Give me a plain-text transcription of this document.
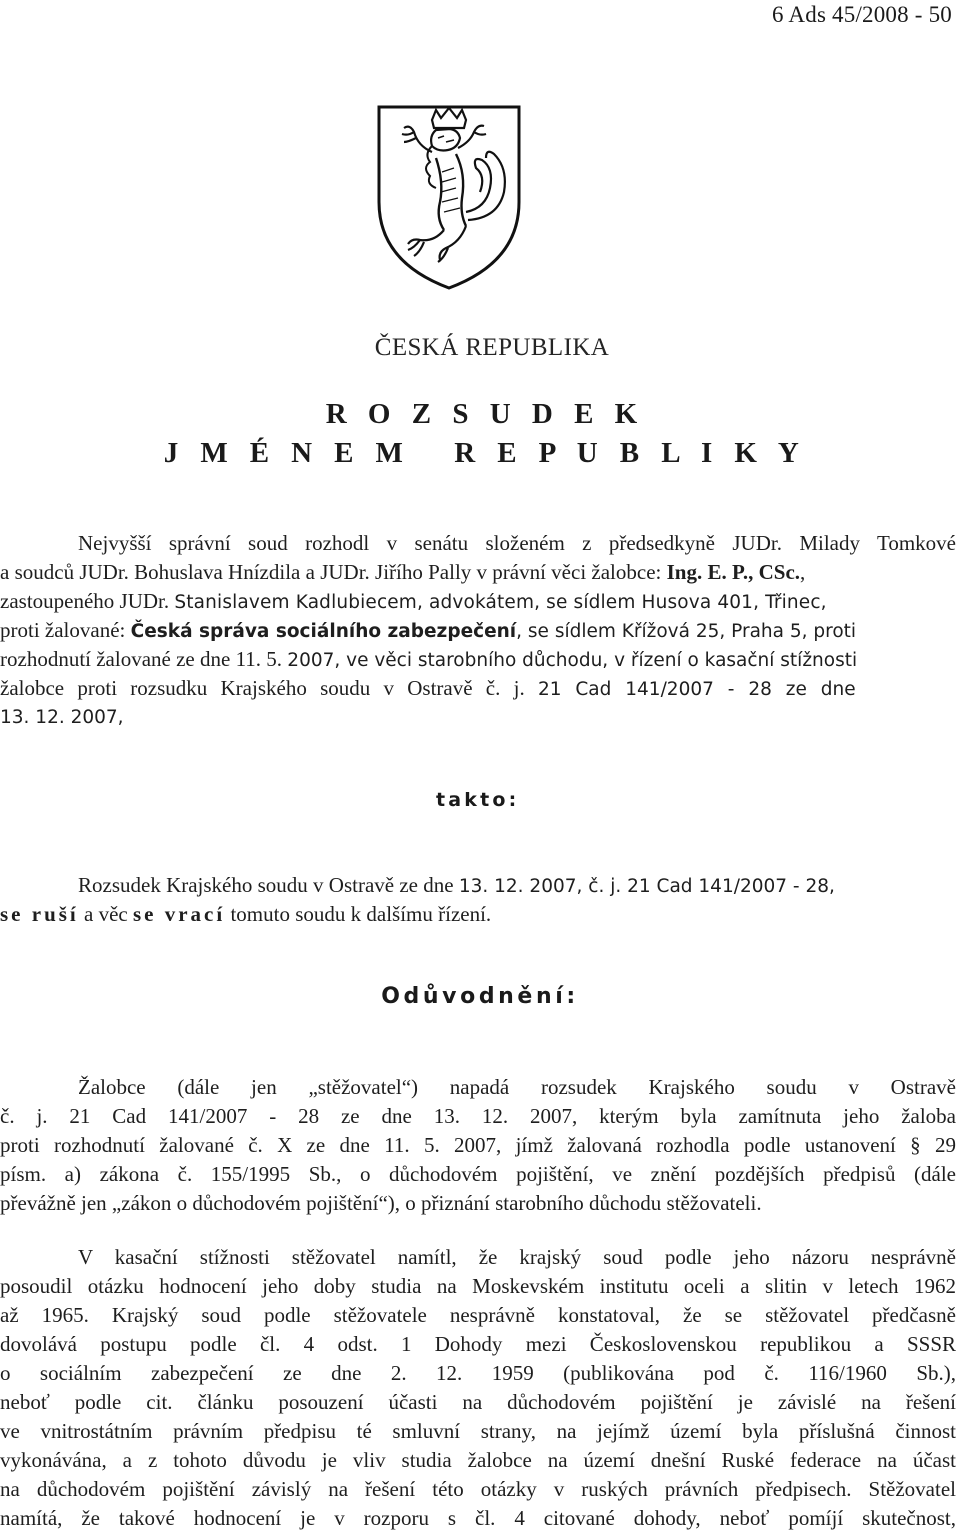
6 Ads 45/2008 - 50
ČESKÁ REPUBLIKA
R O Z S U D E K
J M É N E M   R E P U B L I K Y
Nejvyšší správní soud rozhodl v senátu složeném z předsedkyně JUDr. Milady Tomkové
a soudců JUDr. Bohuslava Hnízdila a JUDr. Jiřího Pally v právní věci žalobce: Ing. E. P., CSc.,
zastoupeného JUDr. Stanislavem Kadlubiecem, advokátem, se sídlem Husova 401, Třinec,
proti žalované: Česká správa sociálního zabezpečení, se sídlem Křížová 25, Praha 5, proti
rozhodnutí žalované ze dne 11. 5. 2007, ve věci starobního důchodu, v řízení o kasační stížnosti
žalobce proti rozsudku Krajského soudu v Ostravě č. j. 21 Cad 141/2007 - 28 ze dne
13. 12. 2007,
takto:
Rozsudek Krajského soudu v Ostravě ze dne 13. 12. 2007, č. j. 21 Cad 141/2007 - 28,
se ruší a věc se vrací tomuto soudu k dalšímu řízení.
Odůvodnění:
Žalobce (dále jen „stěžovatel“) napadá rozsudek Krajského soudu v Ostravě
č. j. 21 Cad 141/2007 - 28 ze dne 13. 12. 2007, kterým byla zamítnuta jeho žaloba
proti rozhodnutí žalované č. X ze dne 11. 5. 2007, jímž žalovaná rozhodla podle ustanovení § 29
písm. a) zákona č. 155/1995 Sb., o důchodovém pojištění, ve znění pozdějších předpisů (dále
převážně jen „zákon o důchodovém pojištění“), o přiznání starobního důchodu stěžovateli.
V kasační stížnosti stěžovatel namítl, že krajský soud podle jeho názoru nesprávně
posoudil otázku hodnocení jeho doby studia na Moskevském institutu oceli a slitin v letech 1962
až 1965. Krajský soud podle stěžovatele nesprávně konstatoval, že se stěžovatel předčasně
dovolává postupu podle čl. 4 odst. 1 Dohody mezi Československou republikou a SSSR
o sociálním zabezpečení ze dne 2. 12. 1959 (publikována pod č. 116/1960 Sb.),
neboť podle cit. článku posouzení účasti na důchodovém pojištění je závislé na řešení
ve vnitrostátním právním předpisu té smluvní strany, na jejímž území byla příslušná činnost
vykonávána, a z tohoto důvodu je vliv studia žalobce na území dnešní Ruské federace na účast
na důchodovém pojištění závislý na řešení této otázky v ruských právních předpisech. Stěžovatel
namítá, že takové hodnocení je v rozporu s čl. 4 citované dohody, neboť pomíjí skutečnost,
